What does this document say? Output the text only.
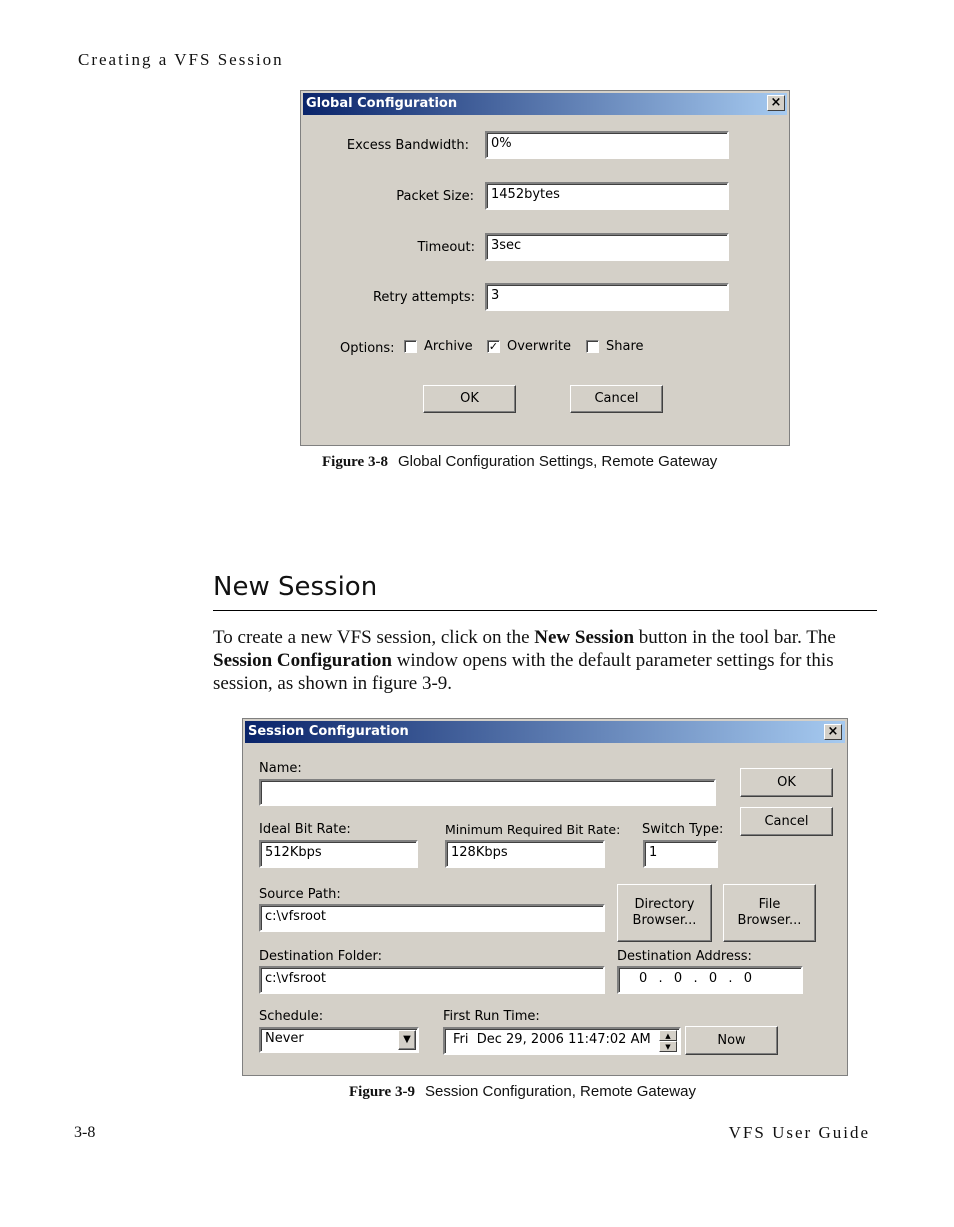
Creating a VFS Session
Global Configuration	×
Excess Bandwidth:	0%
Packet Size:	1452bytes
Timeout:	3sec
Retry attempts:	3
Options: Archive ✓ Overwrite	Share
OK	Cancel
Figure 3-8 Global Configuration Settings, Remote Gateway
New Session
To create a new VFS session, click on the New Session button in the tool bar. The Session Configuration window opens with the default parameter settings for this session, as shown in figure 3-9.
Session Configuration	×
Name:
OK
Cancel
Ideal Bit Rate:
512Kbps
Minimum Required Bit Rate:
128Kbps
Switch Type:
1
Source Path:
c:\vfsroot
Directory
Browser...
File
Browser...
Destination Folder:
c:\vfsroot
Destination Address:
0  .  0  .  0  .  0
Schedule:
Never	▼
First Run Time:
Fri  Dec 29, 2006 11:47:02 AM	▲
▼	Now
Figure 3-9 Session Configuration, Remote Gateway
3-8	VFS User Guide
